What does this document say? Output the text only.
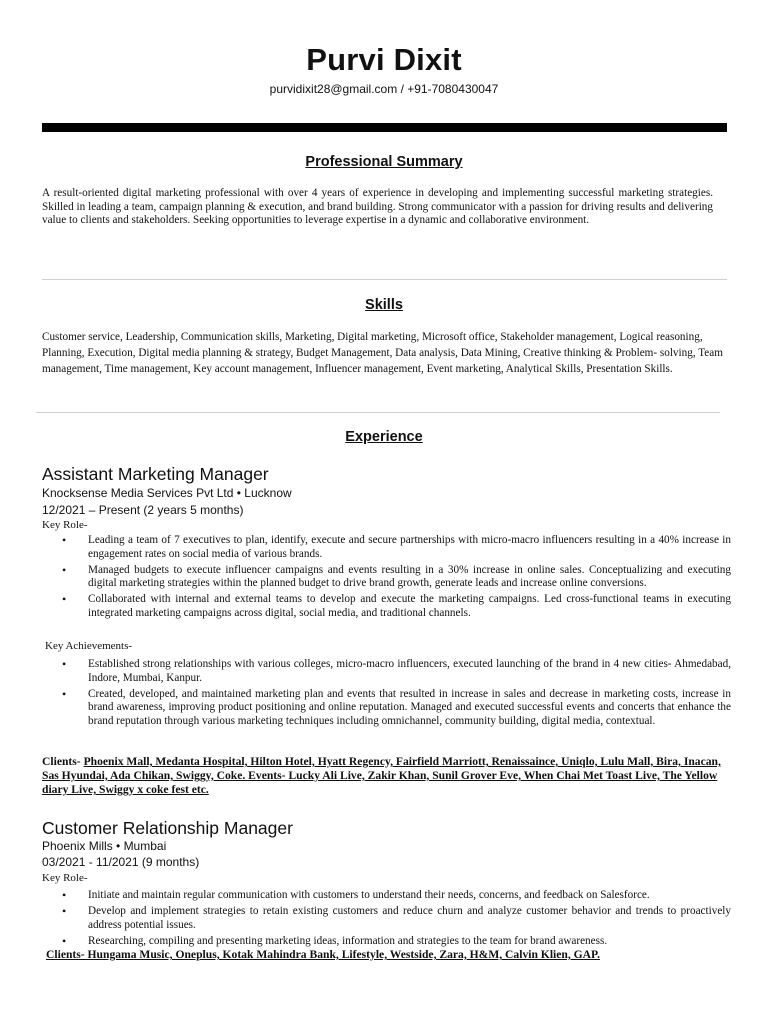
Purvi Dixit
purvidixit28@gmail.com / +91-7080430047
Professional Summary
A result-oriented digital marketing professional with over 4 years of experience in developing and implementing successful marketing strategies. Skilled in leading a team, campaign planning & execution, and brand building. Strong communicator with a passion for driving results and delivering value to clients and stakeholders. Seeking opportunities to leverage expertise in a dynamic and collaborative environment.
Skills
Customer service, Leadership, Communication skills, Marketing, Digital marketing, Microsoft office, Stakeholder management, Logical reasoning, Planning, Execution, Digital media planning & strategy, Budget Management, Data analysis, Data Mining, Creative thinking & Problem- solving, Team management, Time management, Key account management, Influencer management, Event marketing, Analytical Skills, Presentation Skills.
Experience
Assistant Marketing Manager
Knocksense Media Services Pvt Ltd • Lucknow
12/2021 – Present (2 years 5 months)
Key Role-
• Leading a team of 7 executives to plan, identify, execute and secure partnerships with micro-macro influencers resulting in a 40% increase in engagement rates on social media of various brands.
• Managed budgets to execute influencer campaigns and events resulting in a 30% increase in online sales. Conceptualizing and executing digital marketing strategies within the planned budget to drive brand growth, generate leads and increase online conversions.
• Collaborated with internal and external teams to develop and execute the marketing campaigns. Led cross-functional teams in executing integrated marketing campaigns across digital, social media, and traditional channels.
Key Achievements-
• Established strong relationships with various colleges, micro-macro influencers, executed launching of the brand in 4 new cities- Ahmedabad, Indore, Mumbai, Kanpur.
• Created, developed, and maintained marketing plan and events that resulted in increase in sales and decrease in marketing costs, increase in brand awareness, improving product positioning and online reputation. Managed and executed successful events and concerts that enhance the brand reputation through various marketing techniques including omnichannel, community building, digital media, contextual.
Clients- Phoenix Mall, Medanta Hospital, Hilton Hotel, Hyatt Regency, Fairfield Marriott, Renaissaince, Uniqlo, Lulu Mall, Bira, Inacan, Sas Hyundai, Ada Chikan, Swiggy, Coke. Events- Lucky Ali Live, Zakir Khan, Sunil Grover Eve, When Chai Met Toast Live, The Yellow diary Live, Swiggy x coke fest etc.
Customer Relationship Manager
Phoenix Mills • Mumbai
03/2021 - 11/2021 (9 months)
Key Role-
• Initiate and maintain regular communication with customers to understand their needs, concerns, and feedback on Salesforce.
• Develop and implement strategies to retain existing customers and reduce churn and analyze customer behavior and trends to proactively address potential issues.
• Researching, compiling and presenting marketing ideas, information and strategies to the team for brand awareness.
Clients- Hungama Music, Oneplus, Kotak Mahindra Bank, Lifestyle, Westside, Zara, H&M, Calvin Klien, GAP.
